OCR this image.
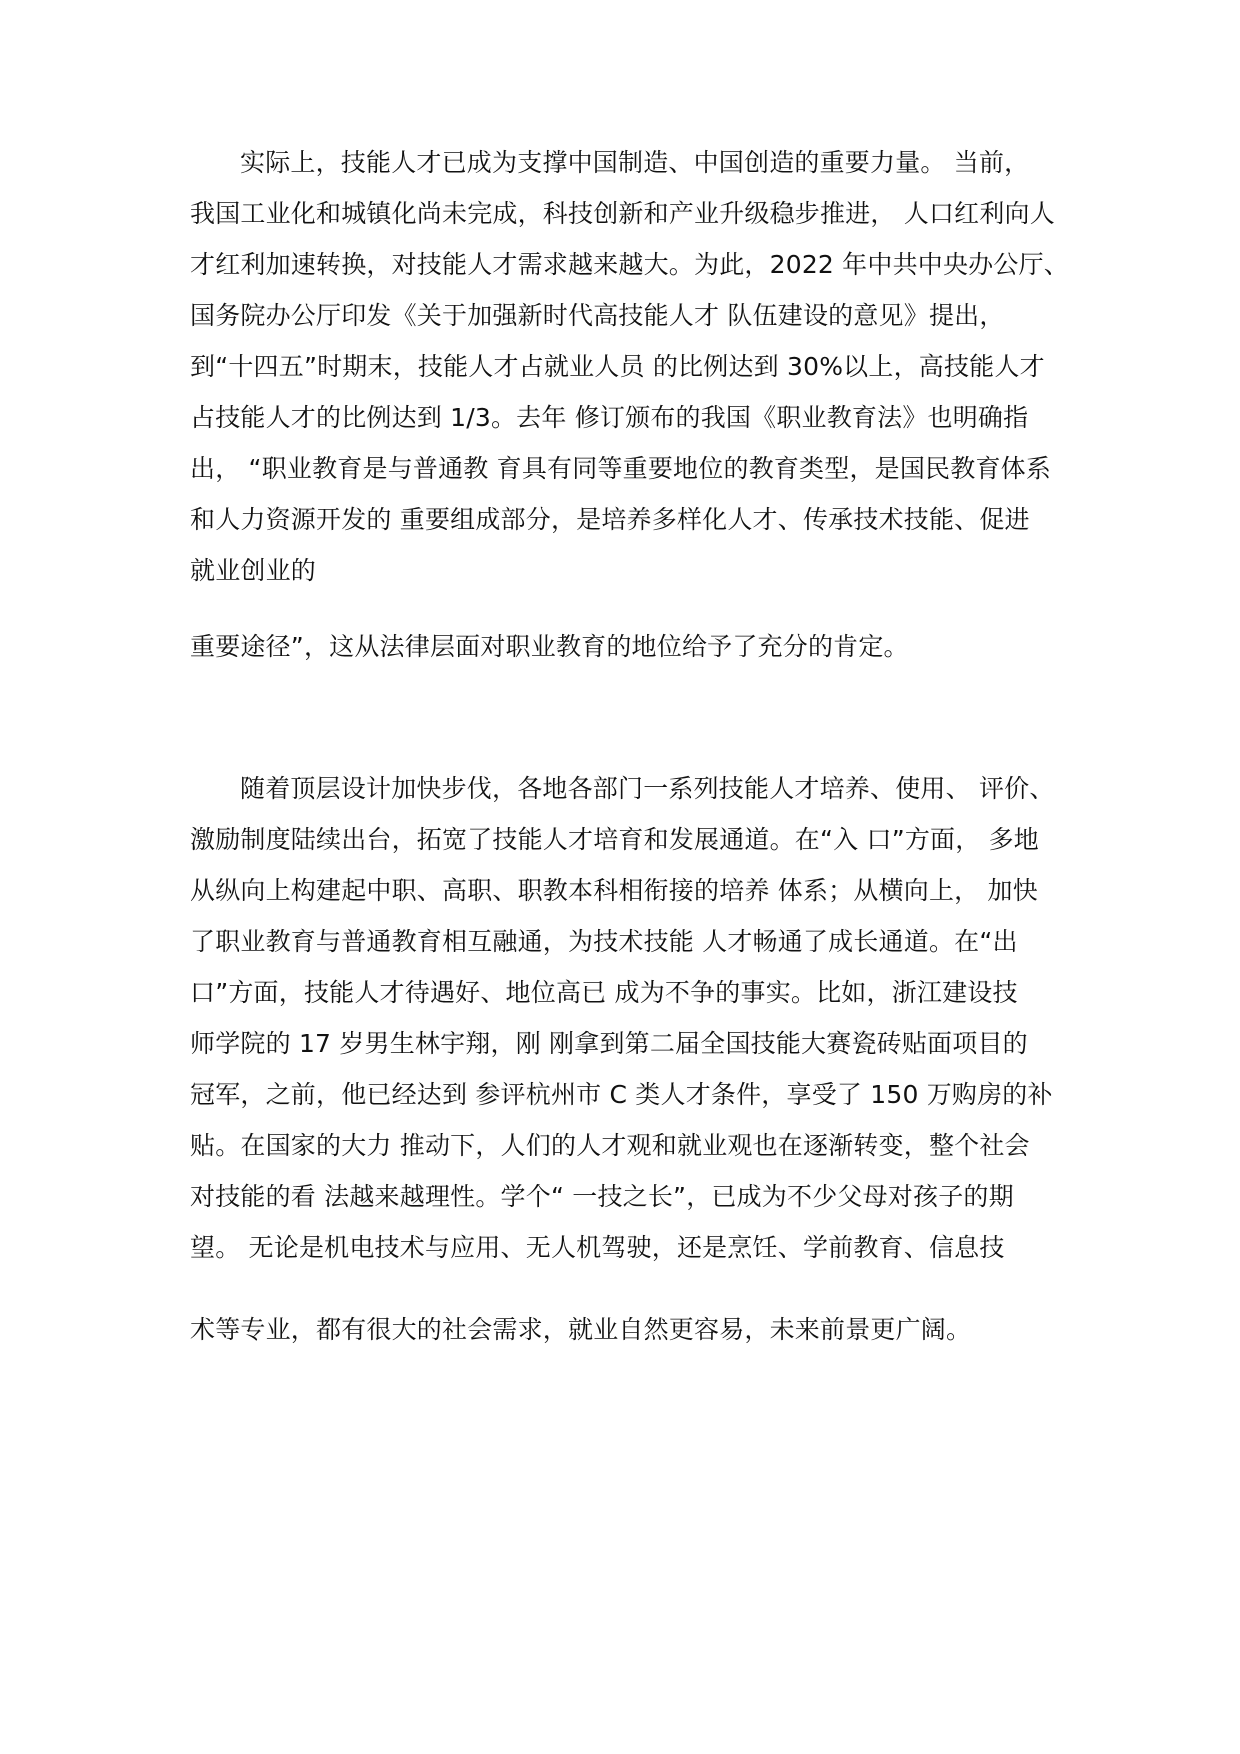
实际上，技能人才已成为支撑中国制造、中国创造的重要力量。 当前，
我国工业化和城镇化尚未完成，科技创新和产业升级稳步推进， 人口红利向人
才红利加速转换，对技能人才需求越来越大。为此，2022 年中共中央办公厅、
国务院办公厅印发《关于加强新时代高技能人才 队伍建设的意见》提出，
到“十四五”时期末，技能人才占就业人员 的比例达到 30%以上，高技能人才
占技能人才的比例达到 1/3。去年 修订颁布的我国《职业教育法》也明确指
出， “职业教育是与普通教 育具有同等重要地位的教育类型，是国民教育体系
和人力资源开发的 重要组成部分，是培养多样化人才、传承技术技能、促进
就业创业的
重要途径”，这从法律层面对职业教育的地位给予了充分的肯定。
随着顶层设计加快步伐，各地各部门一系列技能人才培养、使用、 评价、
激励制度陆续出台，拓宽了技能人才培育和发展通道。在“入 口”方面， 多地
从纵向上构建起中职、高职、职教本科相衔接的培养 体系；从横向上， 加快
了职业教育与普通教育相互融通，为技术技能 人才畅通了成长通道。在“出
口”方面，技能人才待遇好、地位高已 成为不争的事实。比如，浙江建设技
师学院的 17 岁男生林宇翔，刚 刚拿到第二届全国技能大赛瓷砖贴面项目的
冠军，之前，他已经达到 参评杭州市 C 类人才条件，享受了 150 万购房的补
贴。在国家的大力 推动下，人们的人才观和就业观也在逐渐转变，整个社会
对技能的看 法越来越理性。学个“ 一技之长”，已成为不少父母对孩子的期
望。 无论是机电技术与应用、无人机驾驶，还是烹饪、学前教育、信息技
术等专业，都有很大的社会需求，就业自然更容易，未来前景更广阔。
